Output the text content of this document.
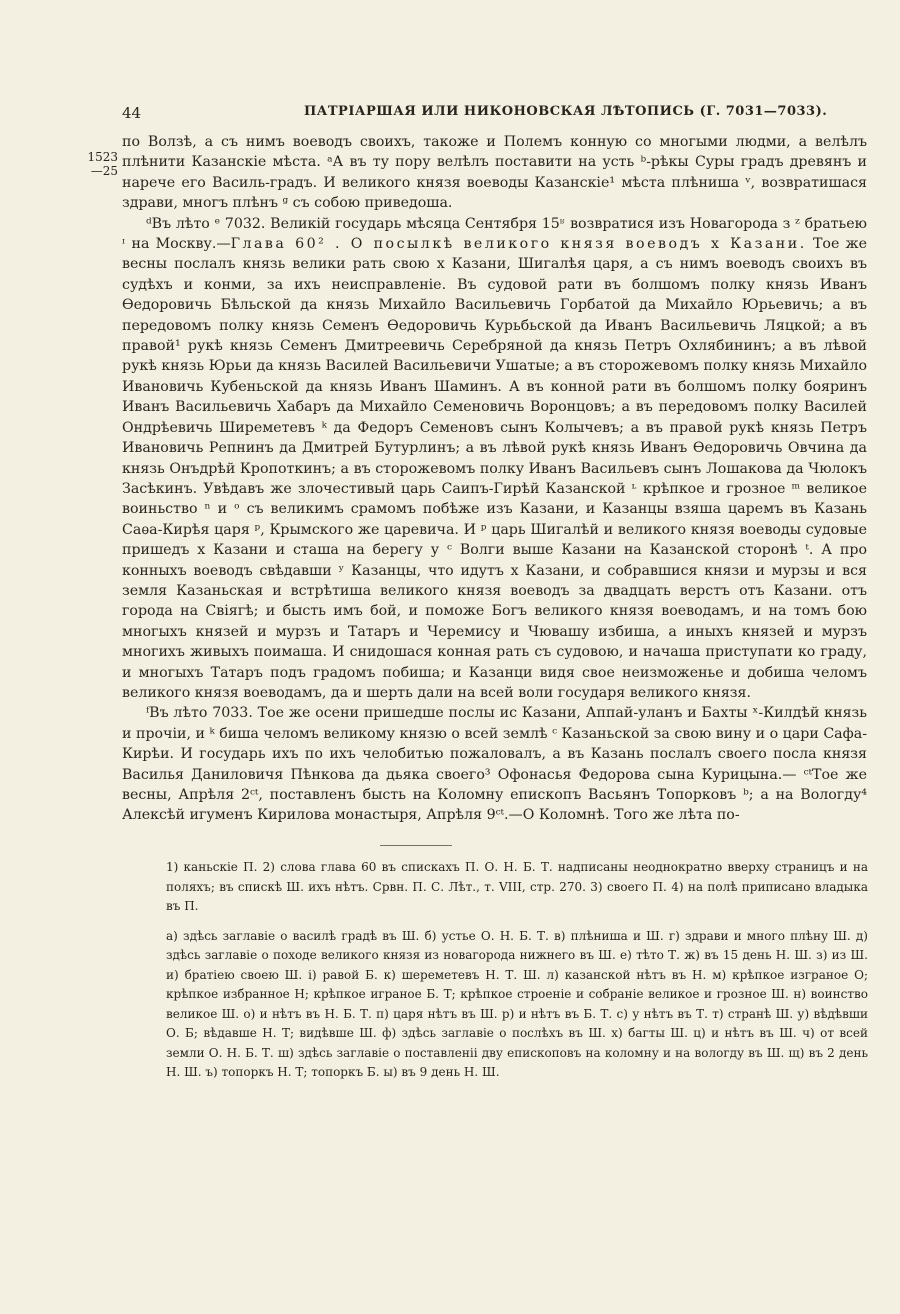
44	ПАТРІАРШАЯ ИЛИ НИКОНОВСКАЯ ЛѢТОПИСЬ (Г. 7031—7033).
1523 —25

по Волзѣ, а съ нимъ воеводъ своихъ, такоже и Полемъ конную со многыми людми, а велѣлъ плѣнити Казанскіе мѣста. ᵃА въ ту пору велѣлъ поставити на усть ᵇ-рѣкы Суры градъ древянъ и нарече его Василь-градъ. И великого князя воеводы Казанскіе¹ мѣста плѣниша ᵛ, возвратишася здрави, многъ плѣнъ ᵍ съ собою приведоша.

ᵈВъ лѣто ᵉ 7032. Великій государь мѣсяца Сентября 15ʶ возвратися изъ Новагорода з ᶻ братьею ᶦ на Москву.—Глава 60² . О посылкѣ великого князя воеводъ х Казани. Тое же весны послалъ князь велики рать свою х Казани, Шигалѣя царя, а съ нимъ воеводъ своихъ въ судѣхъ и конми, за ихъ неисправленіе. Въ судовой рати въ болшомъ полку князь Иванъ Ѳедоровичь Бѣльской да князь Михайло Васильевичь Горбатой да Михайло Юрьевичь; а въ передовомъ полку князь Семенъ Ѳедоровичь Курьбьской да Иванъ Васильевичь Ляцкой; а въ правой¹ рукѣ князь Семенъ Дмитреевичь Серебряной да князь Петръ Охлябининъ; а въ лѣвой рукѣ князь Юрьи да князь Василей Васильевичи Ушатые; а въ сторожевомъ полку князь Михайло Ивановичь Кубеньской да князь Иванъ Шаминъ. А въ конной рати въ болшомъ полку бояринъ Иванъ Васильевичь Хабаръ да Михайло Семеновичь Воронцовъ; а въ передовомъ полку Василей Ондрѣевичь Ширеметевъ ᵏ да Федоръ Семеновъ сынъ Колычевъ; а въ правой рукѣ князь Петръ Ивановичь Репнинъ да Дмитрей Бутурлинъ; а въ лѣвой рукѣ князь Иванъ Ѳедоровичь Овчина да князь Онъдрѣй Кропоткинъ; а въ сторожевомъ полку Иванъ Васильевъ сынъ Лошакова да Чюлокъ Засѣкинъ. Увѣдавъ же злочестивый царь Саипъ-Гирѣй Казанской ᶫ крѣпкое и грозное ᵐ великое воиньство ⁿ и ᵒ съ великимъ срамомъ побѣже изъ Казани, и Казанцы взяша царемъ въ Казань Саѳа-Кирѣя царя ᵖ, Крымского же царевича. И ᵖ царь Шигалѣй и великого князя воеводы судовые пришедъ х Казани и сташа на берегу у ᶜ Волги выше Казани на Казанской сторонѣ ᵗ. А про конныхъ воеводъ свѣдавши ʸ Казанцы, что идутъ х Казани, и собравшися князи и мурзы и вся земля Казаньская и встрѣтиша великого князя воеводъ за двадцать верстъ отъ Казани. отъ города на Свіягѣ; и бысть имъ бой, и поможе Богъ великого князя воеводамъ, и на томъ бою многыхъ князей и мурзъ и Татаръ и Черемису и Чювашу избиша, а иныхъ князей и мурзъ многихъ живыхъ поимаша. И снидошася конная рать съ судовою, и начаша приступати ко граду, и многыхъ Татаръ подъ градомъ побиша; и Казанци видя свое неизможенье и добиша челомъ великого князя воеводамъ, да и шерть дали на всей воли государя великого князя.

ᶠВъ лѣто 7033. Тое же осени пришедше послы ис Казани, Аппай-уланъ и Бахты ˣ-Килдѣй князь и прочіи, и ᵏ биша челомъ великому князю о всей землѣ ᶜ Казаньской за свою вину и о цари Сафа-Кирѣи. И государь ихъ по ихъ челобитью пожаловалъ, а въ Казань послалъ своего посла князя Василья Даниловичя Пѣнкова да дьяка своего³ Офонасья Федорова сына Курицына.— ᶜᵗТое же весны, Апрѣля 2ᶜᵗ, поставленъ бысть на Коломну епископъ Васьянъ Топорковъ ᵇ; а на Вологду⁴ Алексѣй игуменъ Кирилова монастыря, Апрѣля 9ᶜᵗ.—О Коломнѣ. Того же лѣта по-

1) каньскіе П. 2) слова глава 60 въ спискахъ П. О. Н. Б. Т. надписаны неоднократно вверху страницъ и на поляхъ; въ спискѣ Ш. ихъ нѣтъ. Срвн. П. С. Лѣт., т. VIII, стр. 270. 3) своего П. 4) на полѣ приписано владыка въ П.

а) здѣсь заглавіе о василѣ градѣ въ Ш. б) устье О. Н. Б. Т. в) плѣниша и Ш. г) здрави и много плѣну Ш. д) здѣсь заглавіе о походе великого князя из новагорода нижнего въ Ш. е) тѣто Т. ж) въ 15 день Н. Ш. з) из Ш. и) братіею своею Ш. і) равой Б. к) шереметевъ Н. Т. Ш. л) казанской нѣтъ въ Н. м) крѣпкое изграное О; крѣпкое избранное Н; крѣпкое играное Б. Т; крѣпкое строеніе и собраніе великое и грозное Ш. н) воинство великое Ш. о) и нѣтъ въ Н. Б. Т. п) царя нѣтъ въ Ш. р) и нѣтъ въ Б. Т. с) у нѣтъ въ Т. т) странѣ Ш. у) вѣдѣвши О. Б; вѣдавше Н. Т; видѣвше Ш. ф) здѣсь заглавіе о послѣхъ въ Ш. х) багты Ш. ц) и нѣтъ въ Ш. ч) от всей земли О. Н. Б. Т. ш) здѣсь заглавіе о поставленіі дву епископовъ на коломну и на вологду въ Ш. щ) въ 2 день Н. Ш. ъ) топоркъ Н. Т; топоркъ Б. ы) въ 9 день Н. Ш.
